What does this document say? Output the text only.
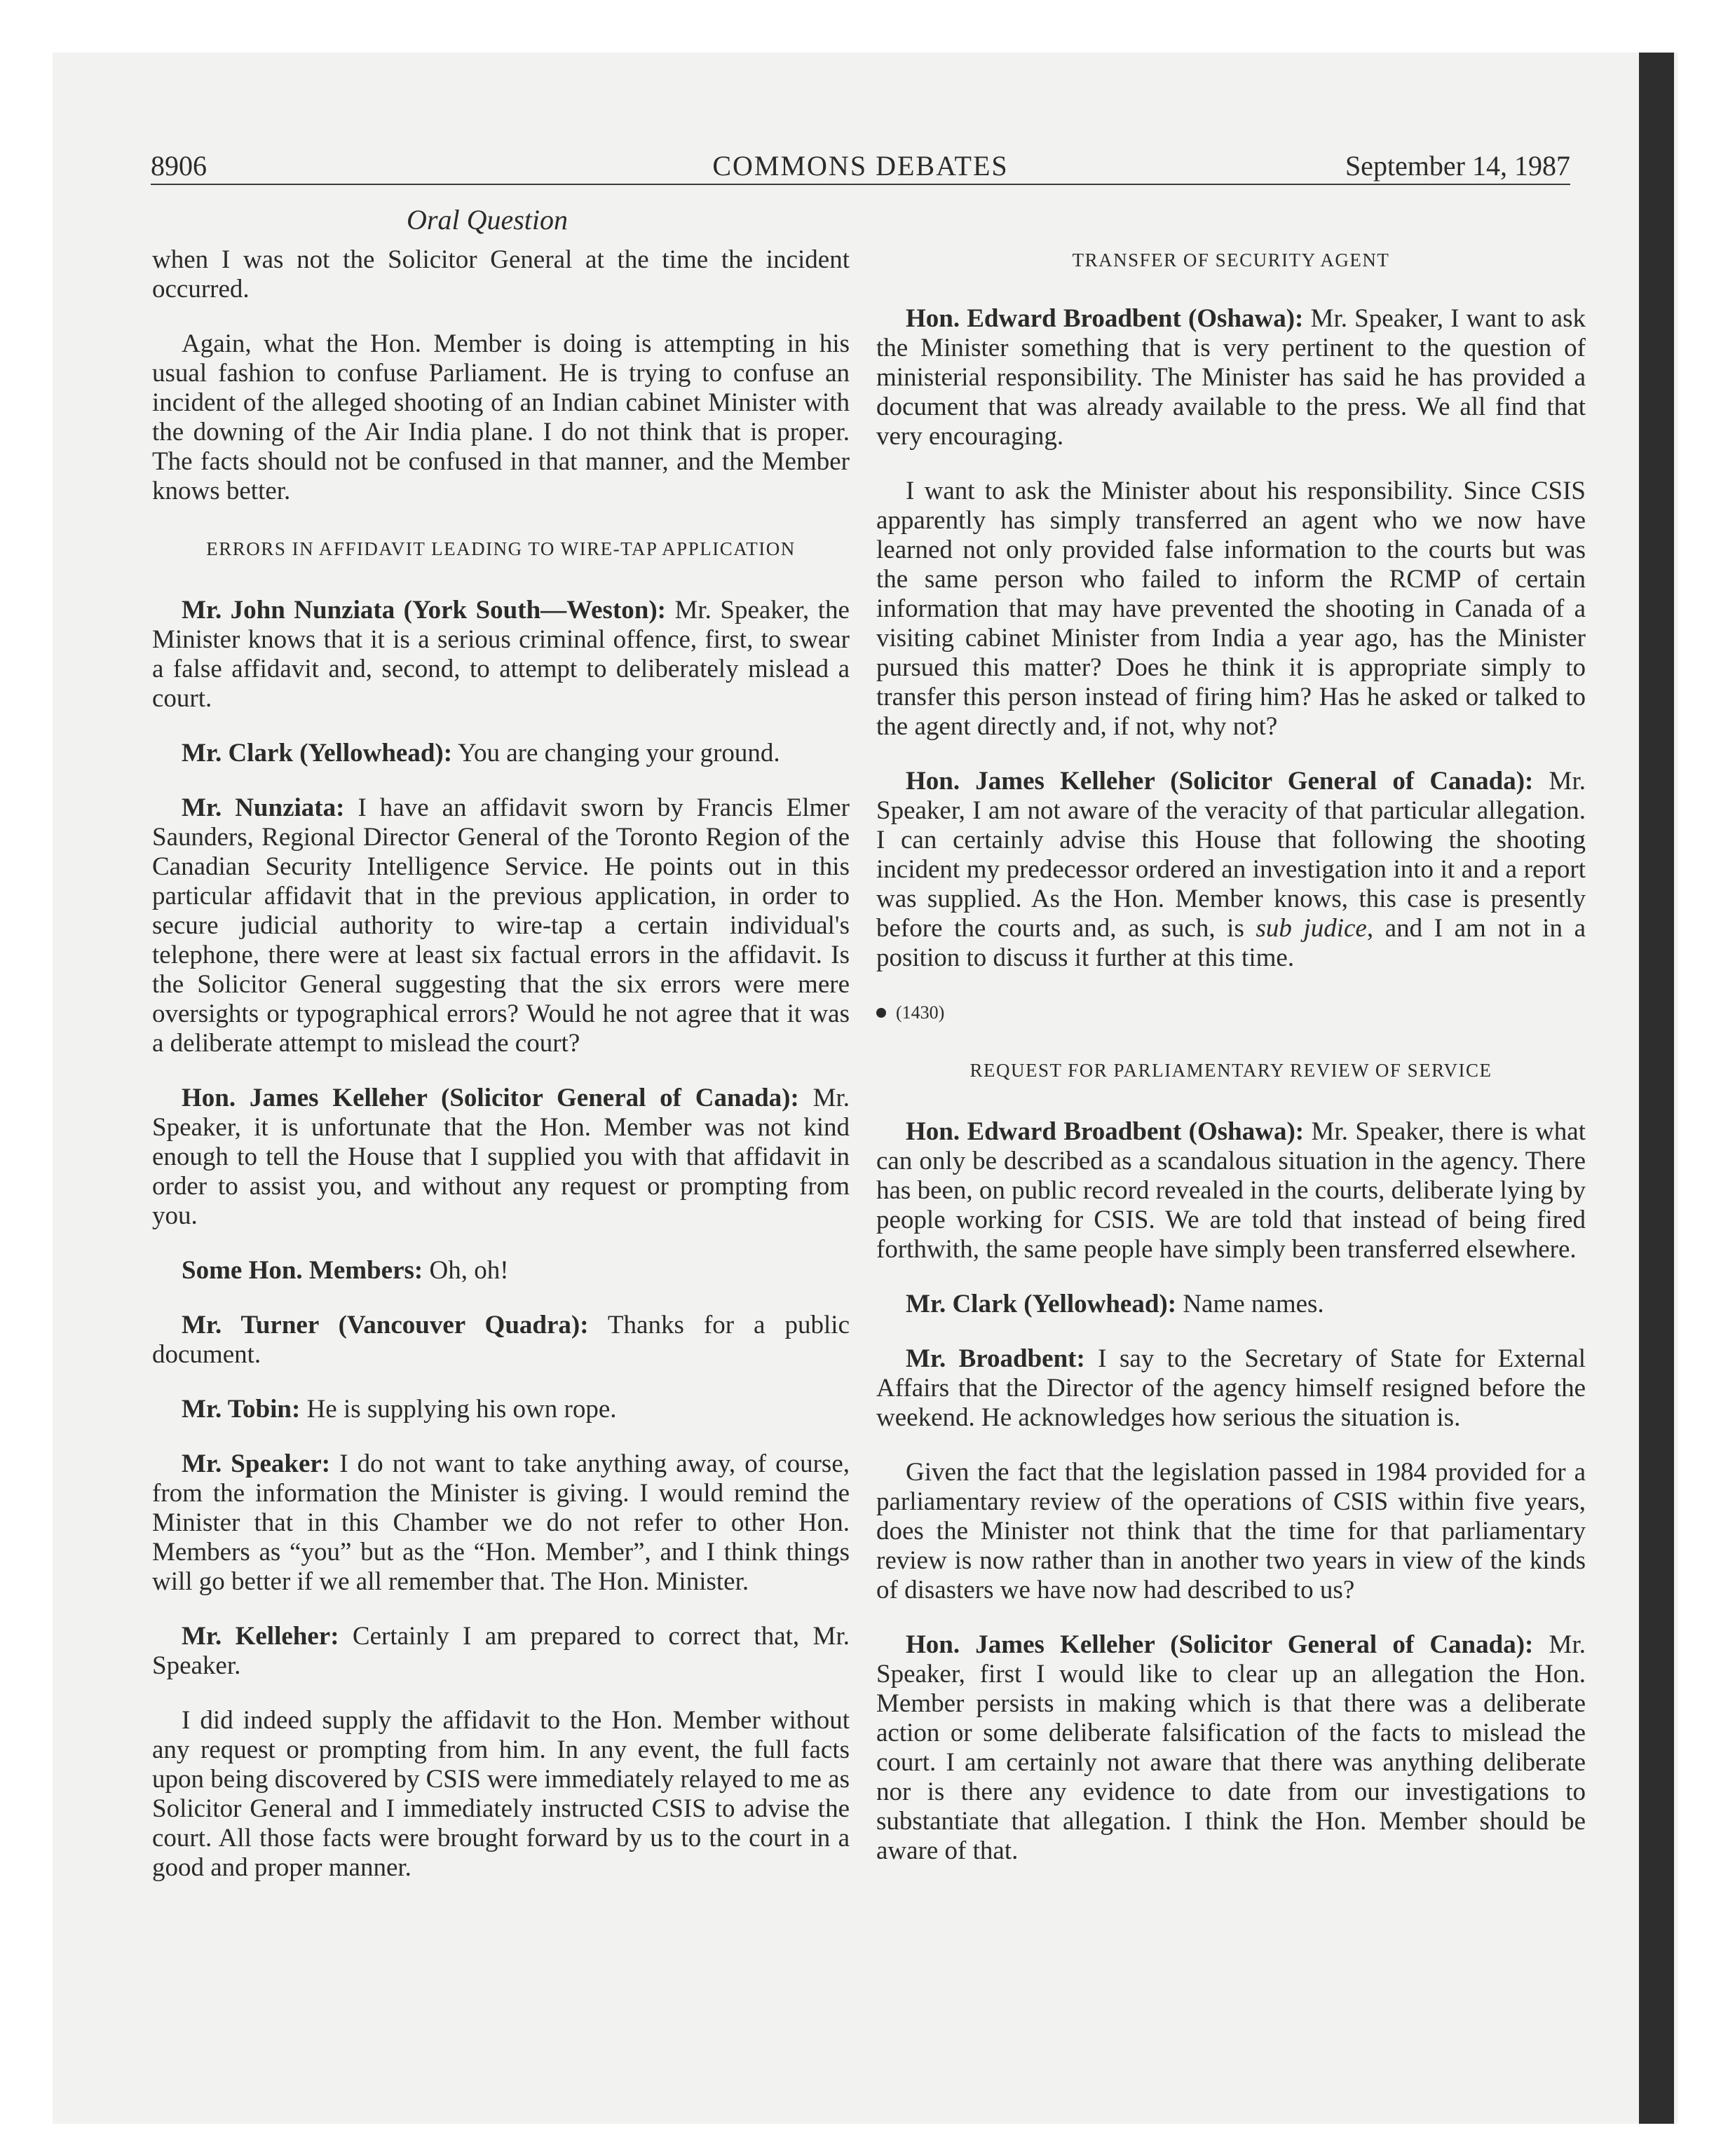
8906	COMMONS DEBATES	September 14, 1987
Oral Question

when I was not the Solicitor General at the time the incident occurred.

Again, what the Hon. Member is doing is attempting in his usual fashion to confuse Parliament. He is trying to confuse an incident of the alleged shooting of an Indian cabinet Minister with the downing of the Air India plane. I do not think that is proper. The facts should not be confused in that manner, and the Member knows better.

ERRORS IN AFFIDAVIT LEADING TO WIRE-TAP APPLICATION

Mr. John Nunziata (York South—Weston): Mr. Speaker, the Minister knows that it is a serious criminal offence, first, to swear a false affidavit and, second, to attempt to deliberately mislead a court.

Mr. Clark (Yellowhead): You are changing your ground.

Mr. Nunziata: I have an affidavit sworn by Francis Elmer Saunders, Regional Director General of the Toronto Region of the Canadian Security Intelligence Service. He points out in this particular affidavit that in the previous application, in order to secure judicial authority to wire-tap a certain individual's telephone, there were at least six factual errors in the affidavit. Is the Solicitor General suggesting that the six errors were mere oversights or typographical errors? Would he not agree that it was a deliberate attempt to mislead the court?

Hon. James Kelleher (Solicitor General of Canada): Mr. Speaker, it is unfortunate that the Hon. Member was not kind enough to tell the House that I supplied you with that affidavit in order to assist you, and without any request or prompting from you.

Some Hon. Members: Oh, oh!

Mr. Turner (Vancouver Quadra): Thanks for a public document.

Mr. Tobin: He is supplying his own rope.

Mr. Speaker: I do not want to take anything away, of course, from the information the Minister is giving. I would remind the Minister that in this Chamber we do not refer to other Hon. Members as “you” but as the “Hon. Member”, and I think things will go better if we all remember that. The Hon. Minister.

Mr. Kelleher: Certainly I am prepared to correct that, Mr. Speaker.

I did indeed supply the affidavit to the Hon. Member without any request or prompting from him. In any event, the full facts upon being discovered by CSIS were immediately relayed to me as Solicitor General and I immediately instructed CSIS to advise the court. All those facts were brought forward by us to the court in a good and proper manner.

TRANSFER OF SECURITY AGENT

Hon. Edward Broadbent (Oshawa): Mr. Speaker, I want to ask the Minister something that is very pertinent to the question of ministerial responsibility. The Minister has said he has provided a document that was already available to the press. We all find that very encouraging.

I want to ask the Minister about his responsibility. Since CSIS apparently has simply transferred an agent who we now have learned not only provided false information to the courts but was the same person who failed to inform the RCMP of certain information that may have prevented the shooting in Canada of a visiting cabinet Minister from India a year ago, has the Minister pursued this matter? Does he think it is appropriate simply to transfer this person instead of firing him? Has he asked or talked to the agent directly and, if not, why not?

Hon. James Kelleher (Solicitor General of Canada): Mr. Speaker, I am not aware of the veracity of that particular allegation. I can certainly advise this House that following the shooting incident my predecessor ordered an investigation into it and a report was supplied. As the Hon. Member knows, this case is presently before the courts and, as such, is sub judice, and I am not in a position to discuss it further at this time.

(1430)
REQUEST FOR PARLIAMENTARY REVIEW OF SERVICE

Hon. Edward Broadbent (Oshawa): Mr. Speaker, there is what can only be described as a scandalous situation in the agency. There has been, on public record revealed in the courts, deliberate lying by people working for CSIS. We are told that instead of being fired forthwith, the same people have simply been transferred elsewhere.

Mr. Clark (Yellowhead): Name names.

Mr. Broadbent: I say to the Secretary of State for External Affairs that the Director of the agency himself resigned before the weekend. He acknowledges how serious the situation is.

Given the fact that the legislation passed in 1984 provided for a parliamentary review of the operations of CSIS within five years, does the Minister not think that the time for that parliamentary review is now rather than in another two years in view of the kinds of disasters we have now had described to us?

Hon. James Kelleher (Solicitor General of Canada): Mr. Speaker, first I would like to clear up an allegation the Hon. Member persists in making which is that there was a deliberate action or some deliberate falsification of the facts to mislead the court. I am certainly not aware that there was anything deliberate nor is there any evidence to date from our investigations to substantiate that allegation. I think the Hon. Member should be aware of that.
